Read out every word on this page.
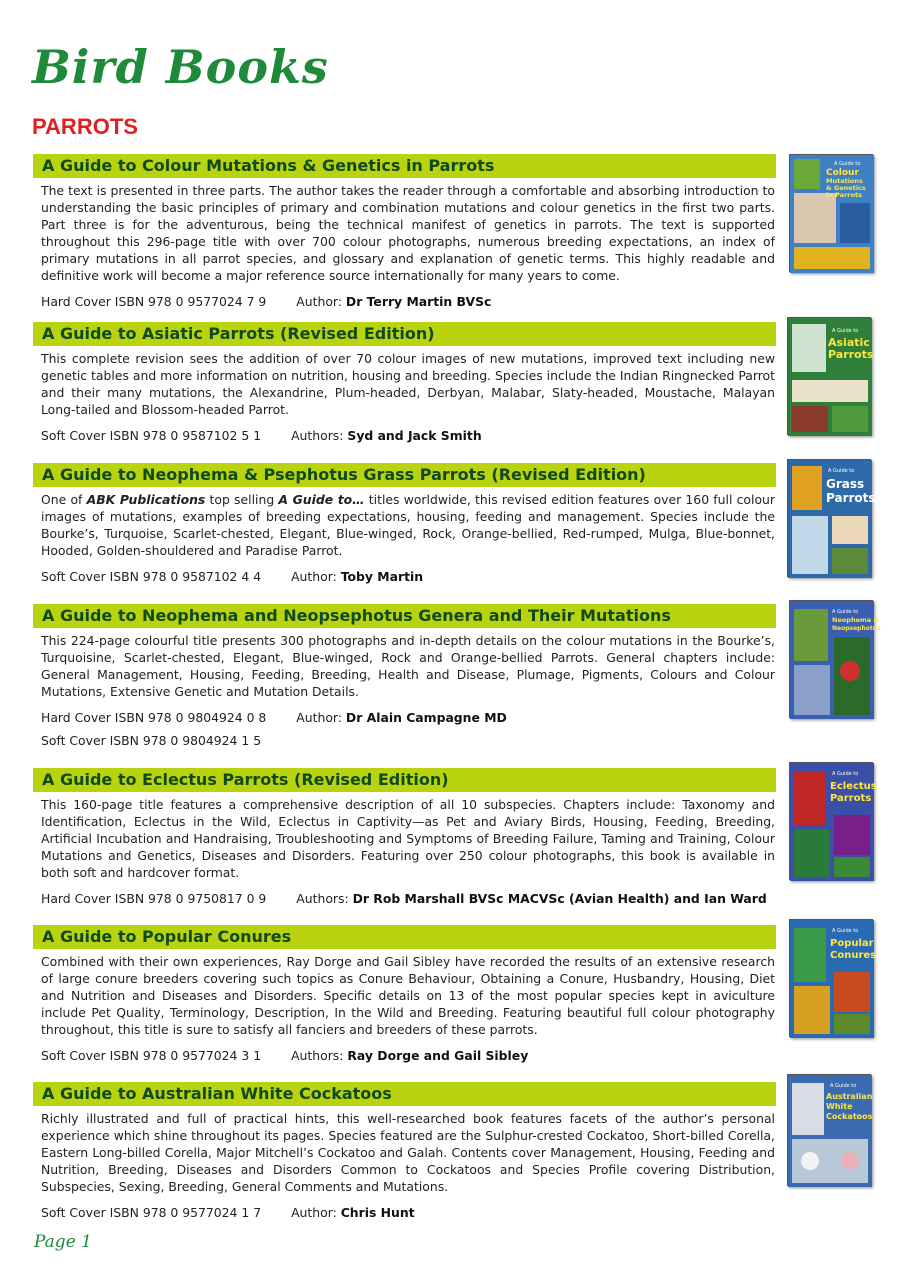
Bird Books
PARROTS
A Guide to Colour Mutations & Genetics in Parrots
The text is presented in three parts. The author takes the reader through a comfortable and absorbing introduction to understanding the basic principles of primary and combination mutations and colour genetics in the first two parts. Part three is for the adventurous, being the technical manifest of genetics in parrots. The text is supported throughout this 296-page title with over 700 colour photographs, numerous breeding expectations, an index of primary mutations in all parrot species, and glossary and explanation of genetic terms. This highly readable and definitive work will become a major reference source internationally for many years to come.
Hard Cover ISBN 978 0 9577024 7 9 Author: Dr Terry Martin BVSc
A Guide to
Colour
Mutations
& Genetics
in Parrots
A Guide to Asiatic Parrots (Revised Edition)
This complete revision sees the addition of over 70 colour images of new mutations, improved text including new genetic tables and more information on nutrition, housing and breeding. Species include the Indian Ringnecked Parrot and their many mutations, the Alexandrine, Plum-headed, Derbyan, Malabar, Slaty-headed, Moustache, Malayan Long-tailed and Blossom-headed Parrot.
Soft Cover ISBN 978 0 9587102 5 1 Authors: Syd and Jack Smith
A Guide to
Asiatic
Parrots
A Guide to Neophema & Psephotus Grass Parrots (Revised Edition)
One of ABK Publications top selling A Guide to… titles worldwide, this revised edition features over 160 full colour images of mutations, examples of breeding expectations, housing, feeding and management. Species include the Bourke’s, Turquoise, Scarlet-chested, Elegant, Blue-winged, Rock, Orange-bellied, Red-rumped, Mulga, Blue-bonnet, Hooded, Golden-shouldered and Paradise Parrot.
Soft Cover ISBN 978 0 9587102 4 4 Author: Toby Martin
A Guide to
Grass
Parrots
A Guide to Neophema and Neopsephotus Genera and Their Mutations
This 224-page colourful title presents 300 photographs and in-depth details on the colour mutations in the Bourke’s, Turquoisine, Scarlet-chested, Elegant, Blue-winged, Rock and Orange-bellied Parrots. General chapters include: General Management, Housing, Feeding, Breeding, Health and Disease, Plumage, Pigments, Colours and Colour Mutations, Extensive Genetic and Mutation Details.
Hard Cover ISBN 978 0 9804924 0 8 Author: Dr Alain Campagne MD
Soft Cover ISBN 978 0 9804924 1 5
A Guide to
Neophema &
Neopsephotus
A Guide to Eclectus Parrots (Revised Edition)
This 160-page title features a comprehensive description of all 10 subspecies. Chapters include: Taxonomy and Identification, Eclectus in the Wild, Eclectus in Captivity—as Pet and Aviary Birds, Housing, Feeding, Breeding, Artificial Incubation and Handraising, Troubleshooting and Symptoms of Breeding Failure, Taming and Training, Colour Mutations and Genetics, Diseases and Disorders. Featuring over 250 colour photographs, this book is available in both soft and hardcover format.
Hard Cover ISBN 978 0 9750817 0 9 Authors: Dr Rob Marshall BVSc MACVSc (Avian Health) and Ian Ward
A Guide to
Eclectus
Parrots
A Guide to Popular Conures
Combined with their own experiences, Ray Dorge and Gail Sibley have recorded the results of an extensive research of large conure breeders covering such topics as Conure Behaviour, Obtaining a Conure, Husbandry, Housing, Diet and Nutrition and Diseases and Disorders. Specific details on 13 of the most popular species kept in aviculture include Pet Quality, Terminology, Description, In the Wild and Breeding. Featuring beautiful full colour photography throughout, this title is sure to satisfy all fanciers and breeders of these parrots.
Soft Cover ISBN 978 0 9577024 3 1 Authors: Ray Dorge and Gail Sibley
A Guide to
Popular
Conures
A Guide to Australian White Cockatoos
Richly illustrated and full of practical hints, this well-researched book features facets of the author’s personal experience which shine throughout its pages. Species featured are the Sulphur-crested Cockatoo, Short-billed Corella, Eastern Long-billed Corella, Major Mitchell’s Cockatoo and Galah. Contents cover Management, Housing, Feeding and Nutrition, Breeding, Diseases and Disorders Common to Cockatoos and Species Profile covering Distribution, Subspecies, Sexing, Breeding, General Comments and Mutations.
Soft Cover ISBN 978 0 9577024 1 7 Author: Chris Hunt
A Guide to
Australian
White
Cockatoos
Page 1
